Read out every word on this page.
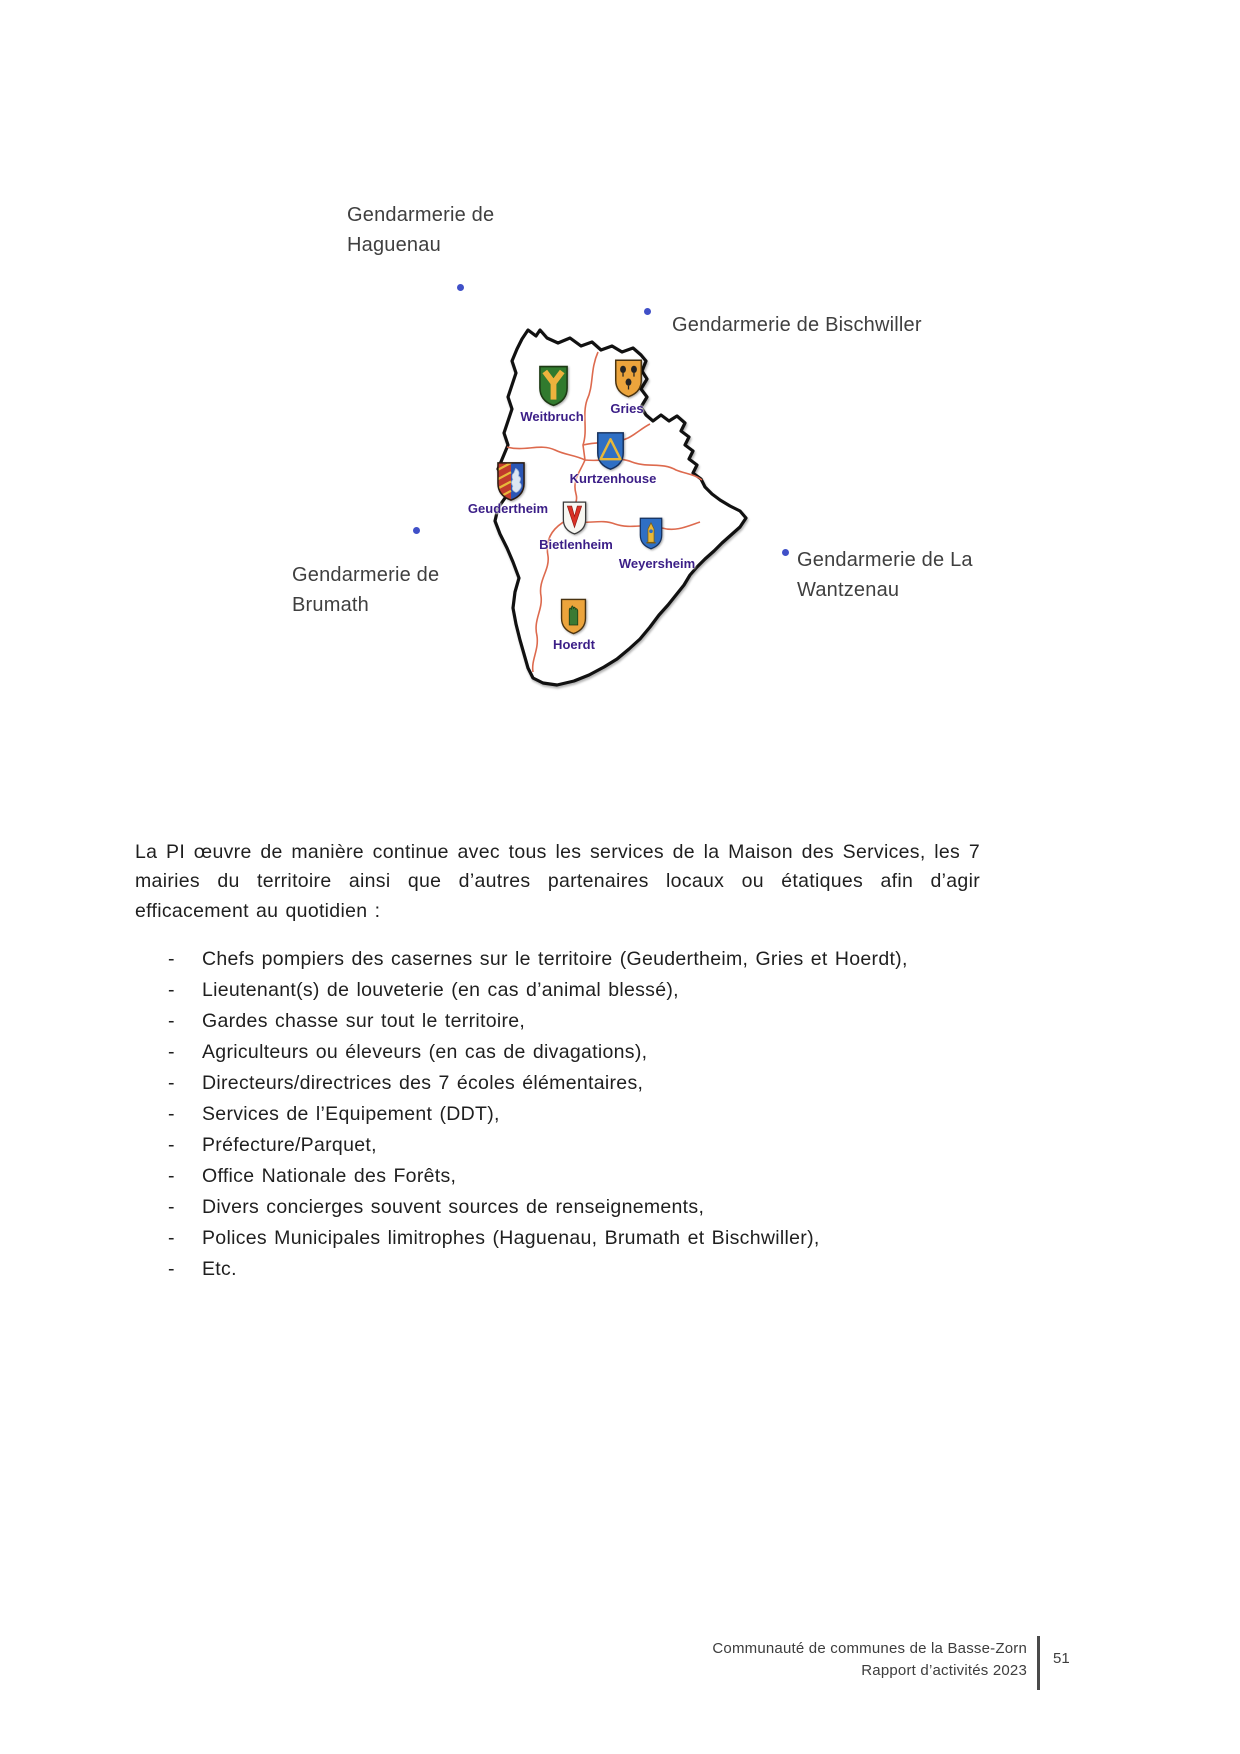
Gendarmerie de
Haguenau
Gendarmerie de Bischwiller
Gendarmerie de
Brumath
Gendarmerie de La
Wantzenau
Weitbruch
Gries
Kurtzenhouse
Geudertheim
Bietlenheim
Weyersheim
Hoerdt

La PI œuvre de manière continue avec tous les services de la Maison des Services, les 7 mairies du territoire ainsi que d’autres partenaires locaux ou étatiques afin d’agir efficacement au quotidien :

- Chefs pompiers des casernes sur le territoire (Geudertheim, Gries et Hoerdt),
- Lieutenant(s) de louveterie (en cas d’animal blessé),
- Gardes chasse sur tout le territoire,
- Agriculteurs ou éleveurs (en cas de divagations),
- Directeurs/directrices des 7 écoles élémentaires,
- Services de l’Equipement (DDT),
- Préfecture/Parquet,
- Office Nationale des Forêts,
- Divers concierges souvent sources de renseignements,
- Polices Municipales limitrophes (Haguenau, Brumath et Bischwiller),
- Etc.
Communauté de communes de la Basse-Zorn
Rapport d’activités 2023
51
